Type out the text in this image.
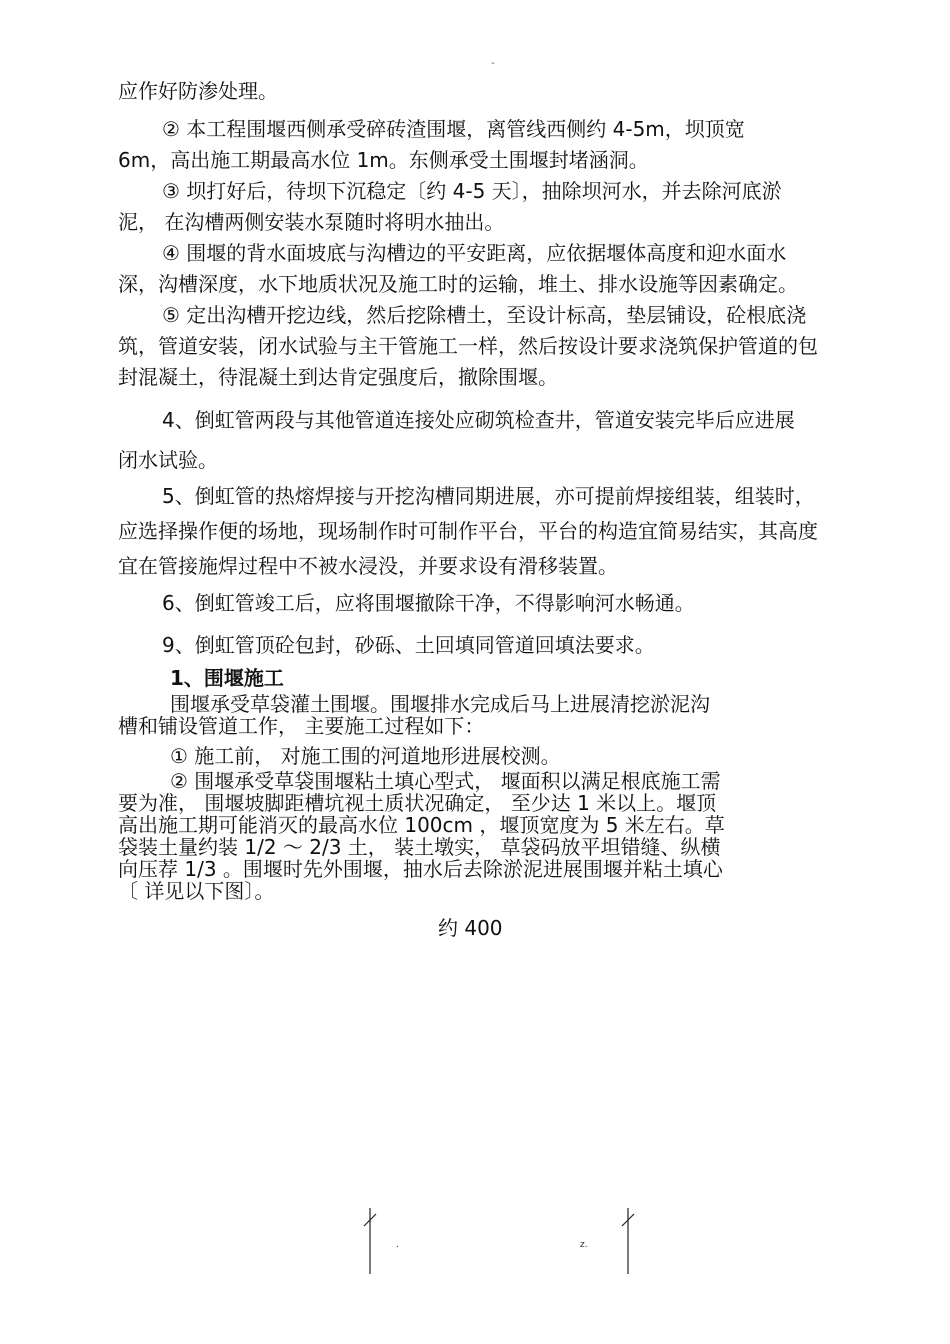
-

应作好防渗处理。

② 本工程围堰西侧承受碎砖渣围堰，离管线西侧约 4-5m，坝顶宽
6m，高出施工期最高水位 1m。东侧承受土围堰封堵涵洞。

③ 坝打好后，待坝下沉稳定〔约 4-5 天〕，抽除坝河水，并去除河底淤
泥， 在沟槽两侧安装水泵随时将明水抽出。

④ 围堰的背水面坡底与沟槽边的平安距离，应依据堰体高度和迎水面水
深，沟槽深度，水下地质状况及施工时的运输，堆土、排水设施等因素确定。

⑤ 定出沟槽开挖边线，然后挖除槽土，至设计标高，垫层铺设，砼根底浇
筑，管道安装，闭水试验与主干管施工一样，然后按设计要求浇筑保护管道的包
封混凝土，待混凝土到达肯定强度后，撤除围堰。

4、倒虹管两段与其他管道连接处应砌筑检查井，管道安装完毕后应进展
闭水试验。

5、倒虹管的热熔焊接与开挖沟槽同期进展，亦可提前焊接组装，组装时，
应选择操作便的场地，现场制作时可制作平台，平台的构造宜简易结实，其高度
宜在管接施焊过程中不被水浸没，并要求设有滑移装置。

6、倒虹管竣工后，应将围堰撤除干净，不得影响河水畅通。

9、倒虹管顶砼包封，砂砾、土回填同管道回填法要求。

1、围堰施工

围堰承受草袋灌土围堰。围堰排水完成后马上进展清挖淤泥沟
槽和铺设管道工作， 主要施工过程如下：

① 施工前， 对施工围的河道地形进展校测。

② 围堰承受草袋围堰粘土填心型式， 堰面积以满足根底施工需
要为准， 围堰坡脚距槽坑视土质状况确定， 至少达 1 米以上。堰顶
高出施工期可能消灭的最高水位 100cm ，堰顶宽度为 5 米左右。草
袋装土量约装 1/2 ～ 2/3 土， 装土墩实， 草袋码放平坦错缝、纵横
向压荐 1/3 。围堰时先外围堰，抽水后去除淤泥进展围堰并粘土填心
〔 详见以下图〕。

约 400

.	z.
